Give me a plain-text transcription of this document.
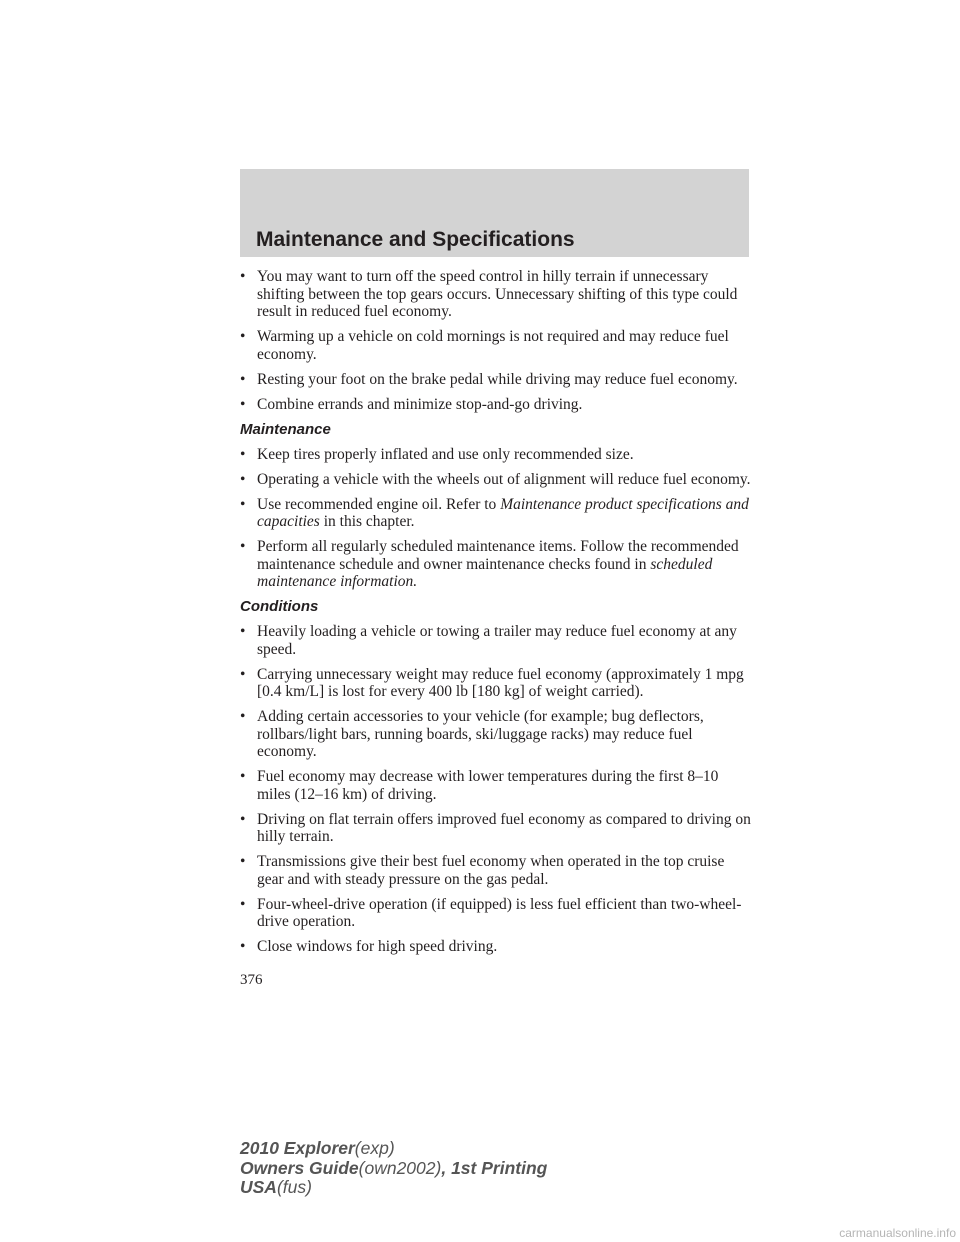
Maintenance and Specifications
• You may want to turn off the speed control in hilly terrain if unnecessary shifting between the top gears occurs. Unnecessary shifting of this type could result in reduced fuel economy.
• Warming up a vehicle on cold mornings is not required and may reduce fuel economy.
• Resting your foot on the brake pedal while driving may reduce fuel economy.
• Combine errands and minimize stop-and-go driving.
Maintenance
• Keep tires properly inflated and use only recommended size.
• Operating a vehicle with the wheels out of alignment will reduce fuel economy.
• Use recommended engine oil. Refer to Maintenance product specifications and capacities in this chapter.
• Perform all regularly scheduled maintenance items. Follow the recommended maintenance schedule and owner maintenance checks found in scheduled maintenance information.
Conditions
• Heavily loading a vehicle or towing a trailer may reduce fuel economy at any speed.
• Carrying unnecessary weight may reduce fuel economy (approximately 1 mpg [0.4 km/L] is lost for every 400 lb [180 kg] of weight carried).
• Adding certain accessories to your vehicle (for example; bug deflectors, rollbars/light bars, running boards, ski/luggage racks) may reduce fuel economy.
• Fuel economy may decrease with lower temperatures during the first 8–10 miles (12–16 km) of driving.
• Driving on flat terrain offers improved fuel economy as compared to driving on hilly terrain.
• Transmissions give their best fuel economy when operated in the top cruise gear and with steady pressure on the gas pedal.
• Four-wheel-drive operation (if equipped) is less fuel efficient than two-wheel-drive operation.
• Close windows for high speed driving.

376

2010 Explorer(exp)
Owners Guide(own2002), 1st Printing
USA(fus)
carmanualsonline.info
